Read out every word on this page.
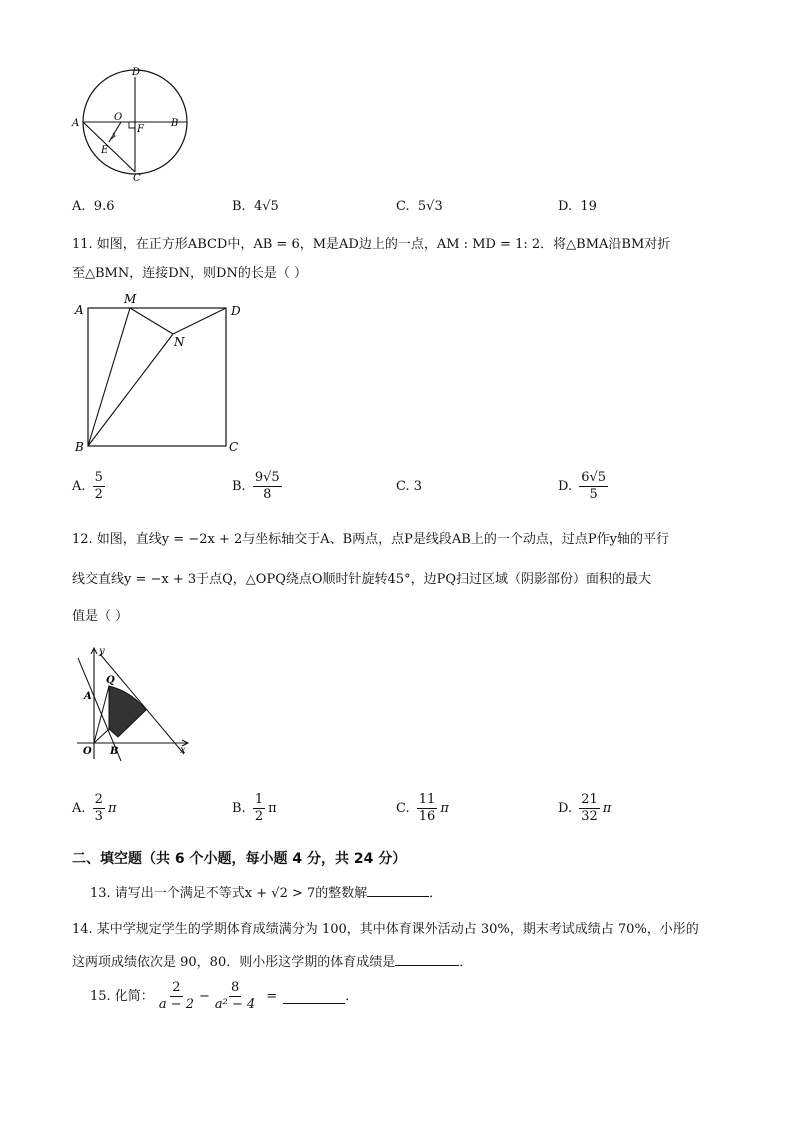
D
A
O
F
B
E
C
A. 9.6	B. 4√5	C. 5√3	D. 19
11. 如图，在正方形ABCD中，AB = 6，M是AD边上的一点，AM : MD = 1: 2．将△BMA沿BM对折
至△BMN，连接DN，则DN的长是（ ）
A
M
D
N
B	C
A. $\frac{5}{2}$	B. $\frac{9√5}{8}$	C. 3	D. $\frac{6√5}{5}$
12. 如图，直线y = −2x + 2与坐标轴交于A、B两点，点P是线段AB上的一个动点，过点P作y轴的平行
线交直线y = −x + 3于点Q，△OPQ绕点O顺时针旋转45°，边PQ扫过区域（阴影部份）面积的最大
值是（ ）
y
Q
A
O B	x
A. $\frac{2}{3}$ π	B. $\frac{1}{2}$ π	C. $\frac{11}{16}$ π	D. $\frac{21}{32}$ π
二、填空题（共 6 个小题，每小题 4 分，共 24 分）
13. 请写出一个满足不等式x + √2 > 7的整数解	．
14. 某中学规定学生的学期体育成绩满分为 100，其中体育课外活动占 30%，期末考试成绩占 70%，小彤的
这两项成绩依次是 90，80．则小彤这学期的体育成绩是	．
15. 化简： $\frac{2}{a - 2} - \frac{8}{\text{a² − 4}}$ =	．
